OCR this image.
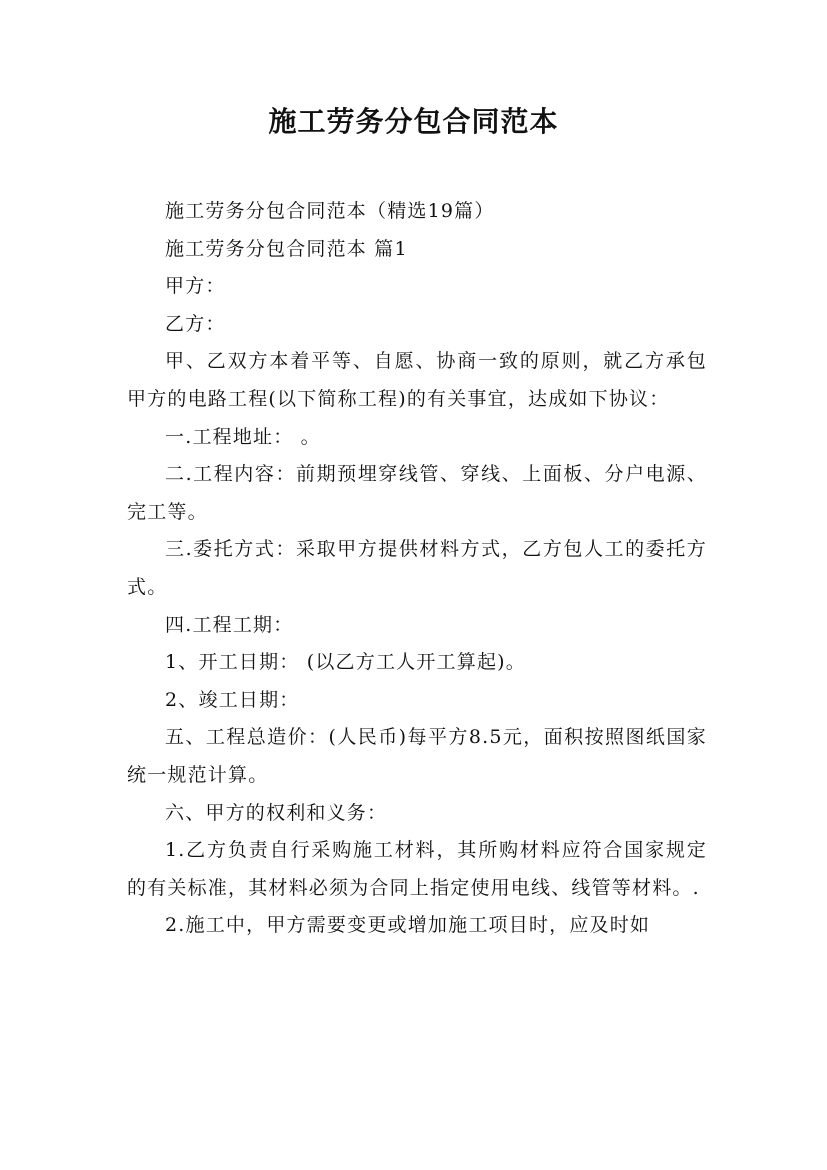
施工劳务分包合同范本

施工劳务分包合同范本（精选19篇）

施工劳务分包合同范本 篇1

甲方：

乙方：

甲、乙双方本着平等、自愿、协商一致的原则，就乙方承包甲方的电路工程(以下简称工程)的有关事宜，达成如下协议：

一.工程地址： 。

二.工程内容：前期预埋穿线管、穿线、上面板、分户电源、完工等。

三.委托方式：采取甲方提供材料方式，乙方包人工的委托方式。

四.工程工期：

1、开工日期： (以乙方工人开工算起)。

2、竣工日期：

五、工程总造价：(人民币)每平方8.5元，面积按照图纸国家统一规范计算。

六、甲方的权利和义务：

1.乙方负责自行采购施工材料，其所购材料应符合国家规定的有关标准，其材料必须为合同上指定使用电线、线管等材料。.

2.施工中，甲方需要变更或增加施工项目时，应及时如
